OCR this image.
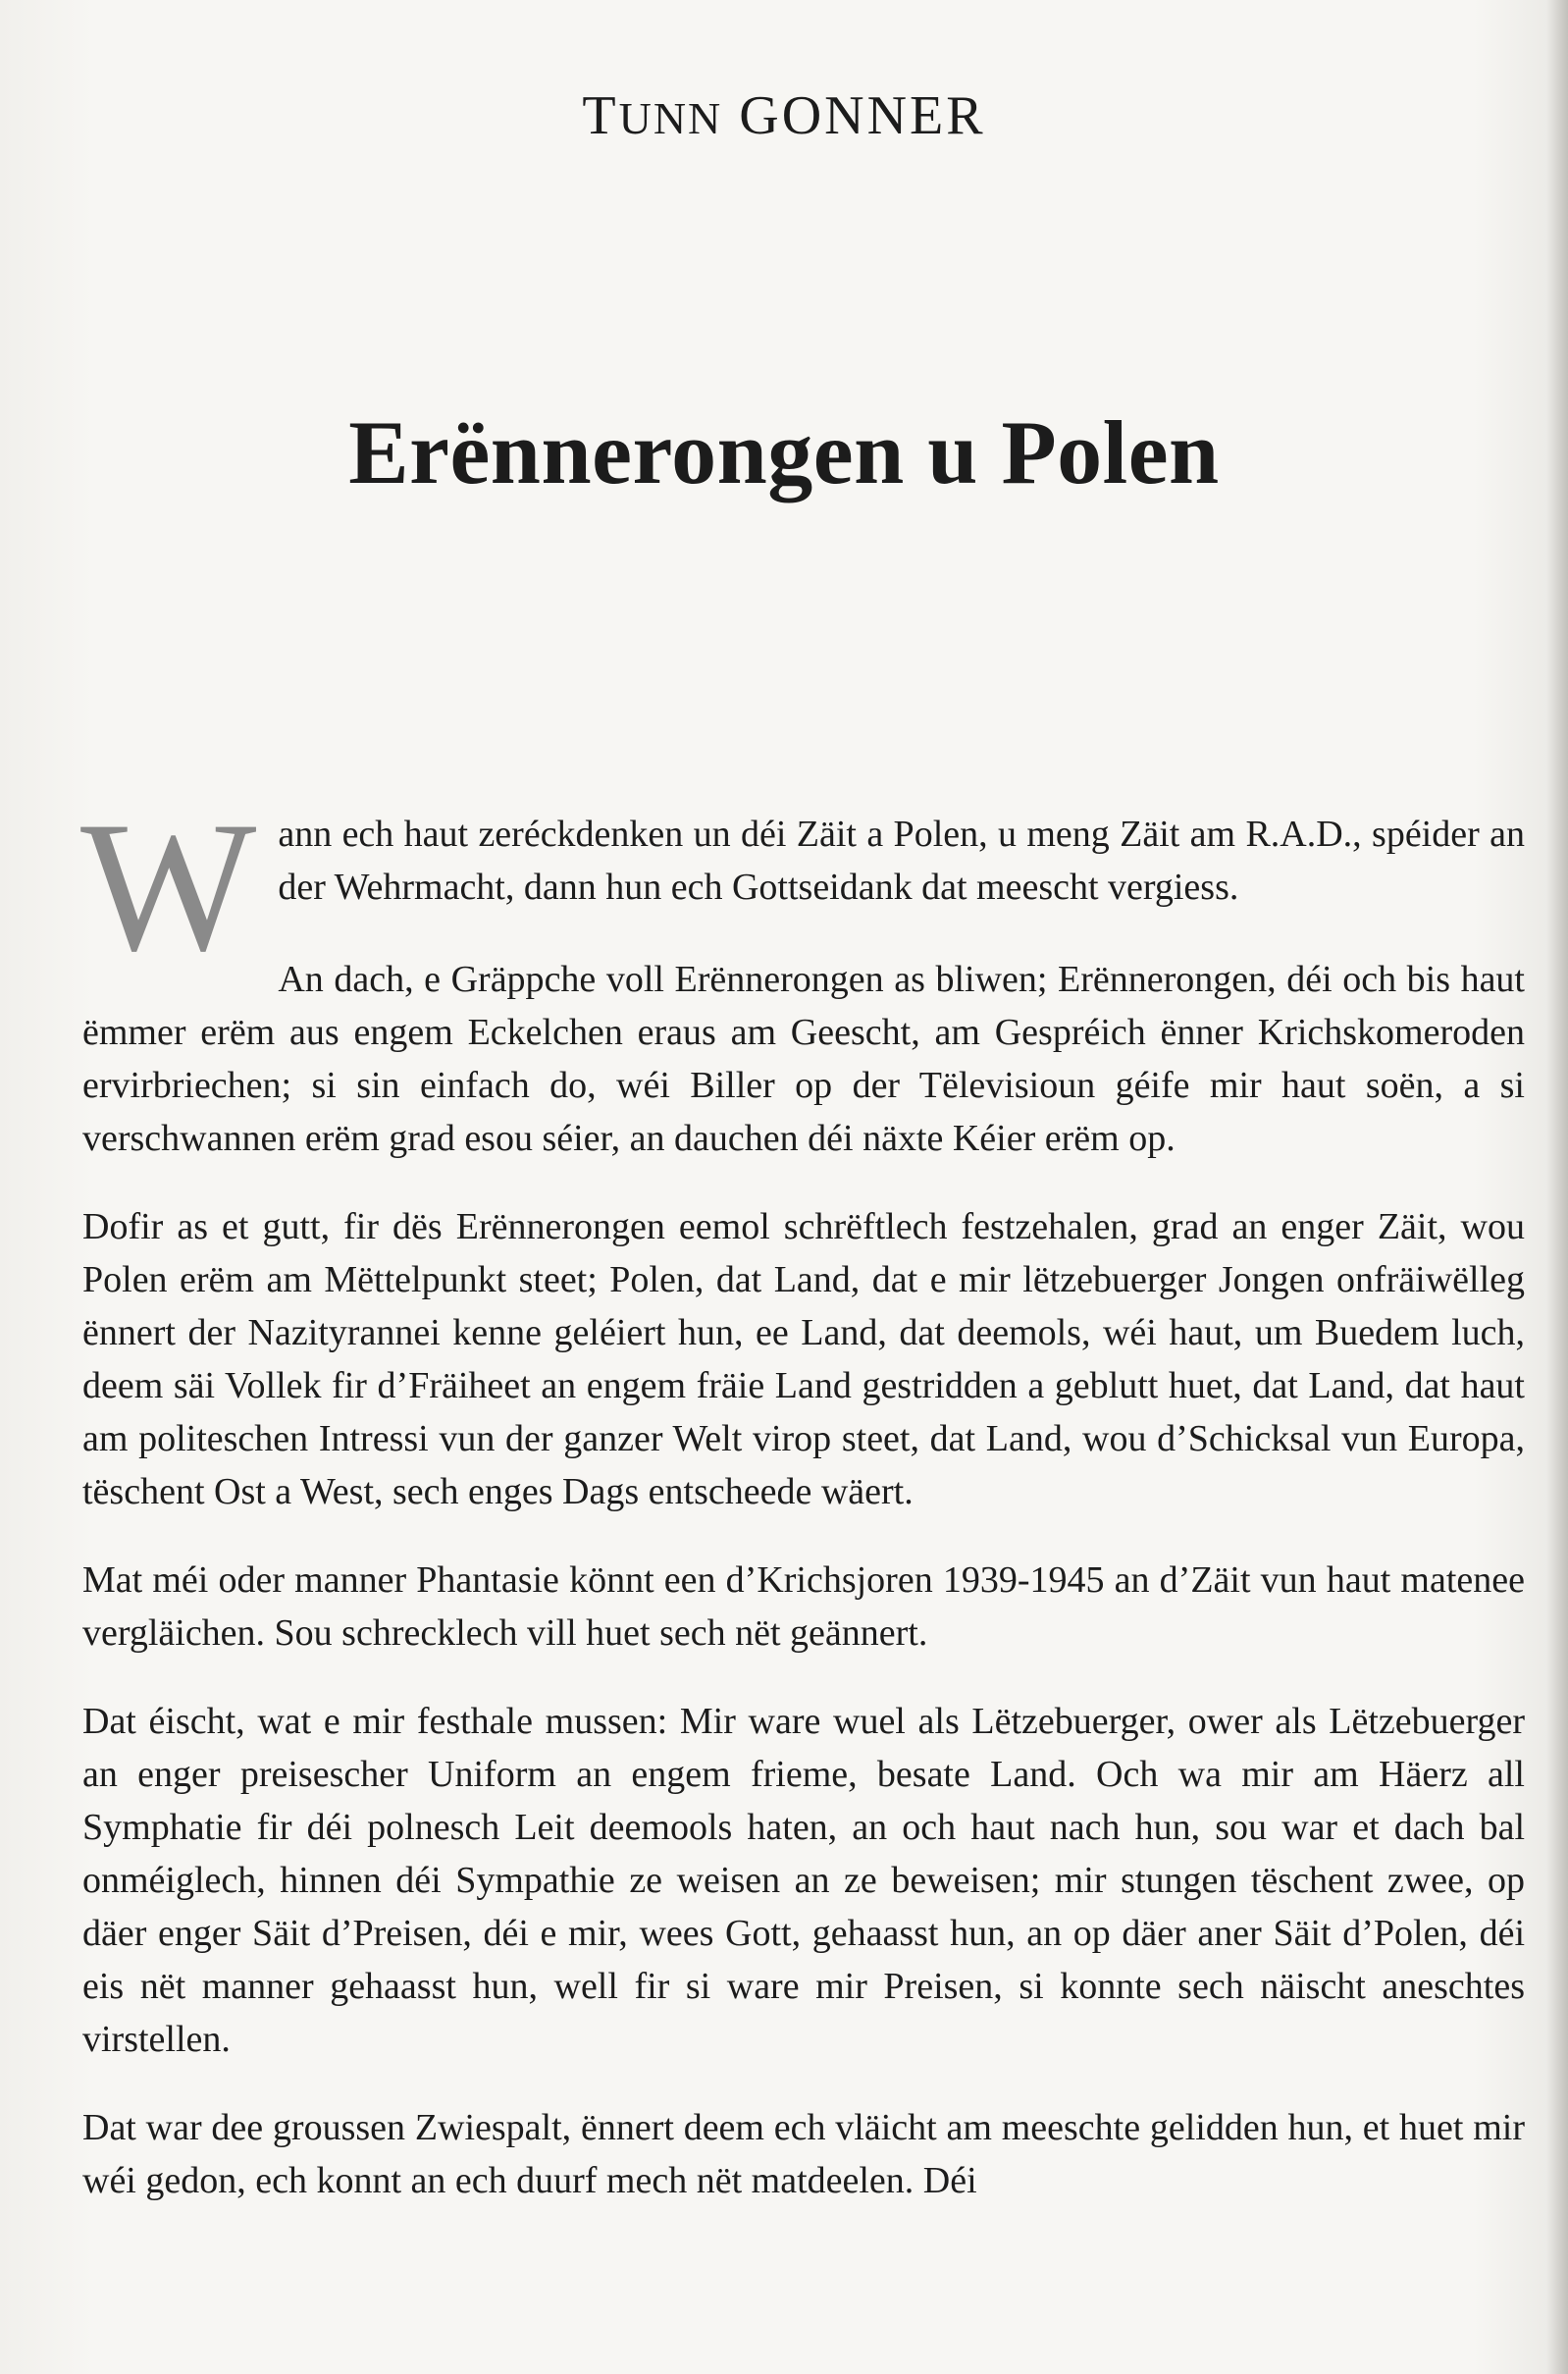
TUNN GONNER
Erënnerongen u Polen

Wann ech haut zeréckdenken un déi Zäit a Polen, u meng Zäit am R.A.D., spéider an der Wehrmacht, dann hun ech Gottseidank dat meescht vergiess.

An dach, e Gräppche voll Erënnerongen as bliwen; Erënnerongen, déi och bis haut ëmmer erëm aus engem Eckelchen eraus am Geescht, am Gespréich ënner Krichskomeroden ervirbriechen; si sin einfach do, wéi Biller op der Tëlevisioun géife mir haut soën, a si verschwannen erëm grad esou séier, an dauchen déi näxte Kéier erëm op.

Dofir as et gutt, fir dës Erënnerongen eemol schrëftlech festzehalen, grad an enger Zäit, wou Polen erëm am Mëttelpunkt steet; Polen, dat Land, dat e mir lëtzebuerger Jongen onfräiwëlleg ënnert der Nazityrannei kenne geléiert hun, ee Land, dat deemols, wéi haut, um Buedem luch, deem säi Vollek fir d’Fräiheet an engem fräie Land gestridden a geblutt huet, dat Land, dat haut am politeschen Intressi vun der ganzer Welt virop steet, dat Land, wou d’Schicksal vun Europa, tëschent Ost a West, sech enges Dags entscheede wäert.

Mat méi oder manner Phantasie könnt een d’Krichsjoren 1939-1945 an d’Zäit vun haut matenee vergläichen. Sou schrecklech vill huet sech nët geännert.

Dat éischt, wat e mir festhale mussen: Mir ware wuel als Lëtzebuerger, ower als Lëtzebuerger an enger preisescher Uniform an engem frieme, besate Land. Och wa mir am Häerz all Symphatie fir déi polnesch Leit deemools haten, an och haut nach hun, sou war et dach bal onméiglech, hinnen déi Sympathie ze weisen an ze beweisen; mir stungen tëschent zwee, op däer enger Säit d’Preisen, déi e mir, wees Gott, gehaasst hun, an op däer aner Säit d’Polen, déi eis nët manner gehaasst hun, well fir si ware mir Preisen, si konnte sech näischt aneschtes virstellen.

Dat war dee groussen Zwiespalt, ënnert deem ech vläicht am meeschte gelidden hun, et huet mir wéi gedon, ech konnt an ech duurf mech nët matdeelen. Déi
